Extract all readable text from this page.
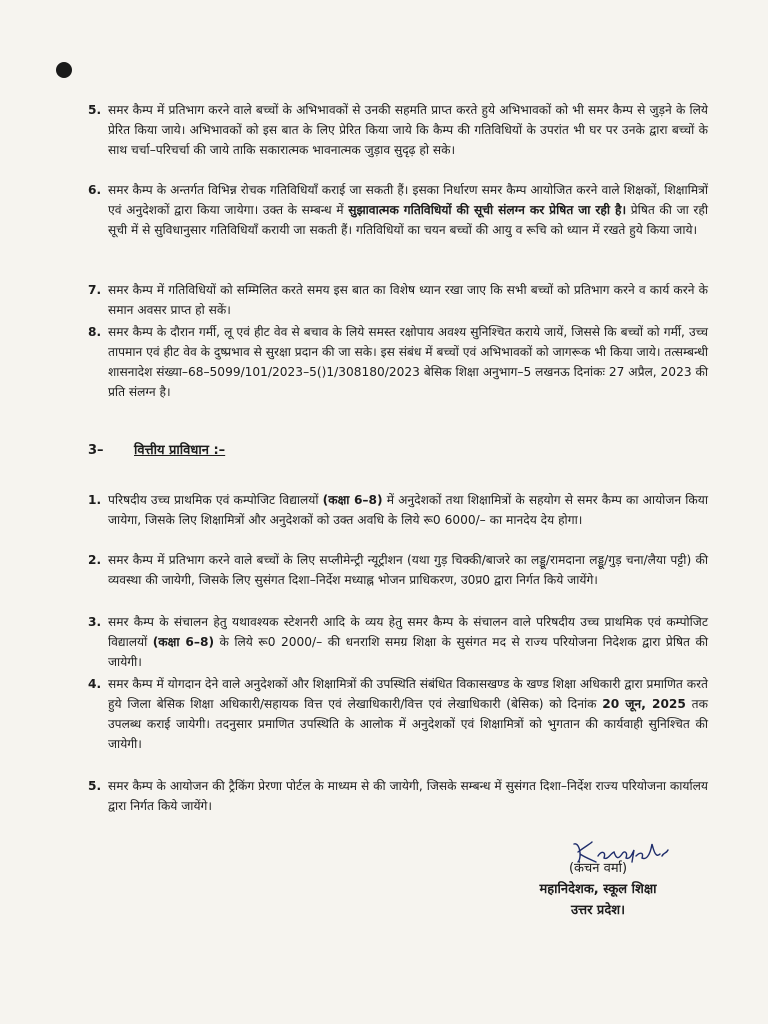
5. समर कैम्प में प्रतिभाग करने वाले बच्चों के अभिभावकों से उनकी सहमति प्राप्त करते हुये अभिभावकों को भी समर कैम्प से जुड़ने के लिये प्रेरित किया जाये। अभिभावकों को इस बात के लिए प्रेरित किया जाये कि कैम्प की गतिविधियों के उपरांत भी घर पर उनके द्वारा बच्चों के साथ चर्चा–परिचर्चा की जाये ताकि सकारात्मक भावनात्मक जुड़ाव सुदृढ़ हो सके।
6. समर कैम्प के अन्तर्गत विभिन्न रोचक गतिविधियाँ कराई जा सकती हैं। इसका निर्धारण समर कैम्प आयोजित करने वाले शिक्षकों, शिक्षामित्रों एवं अनुदेशकों द्वारा किया जायेगा। उक्त के सम्बन्ध में सुझावात्मक गतिविधियों की सूची संलग्न कर प्रेषित जा रही है। प्रेषित की जा रही सूची में से सुविधानुसार गतिविधियाँ करायी जा सकती हैं। गतिविधियों का चयन बच्चों की आयु व रूचि को ध्यान में रखते हुये किया जाये।
7. समर कैम्प में गतिविधियों को सम्मिलित करते समय इस बात का विशेष ध्यान रखा जाए कि सभी बच्चों को प्रतिभाग करने व कार्य करने के समान अवसर प्राप्त हो सकें।
8. समर कैम्प के दौरान गर्मी, लू एवं हीट वेव से बचाव के लिये समस्त रक्षोपाय अवश्य सुनिश्चित कराये जायें, जिससे कि बच्चों को गर्मी, उच्च तापमान एवं हीट वेव के दुष्प्रभाव से सुरक्षा प्रदान की जा सके। इस संबंध में बच्चों एवं अभिभावकों को जागरूक भी किया जाये। तत्सम्बन्धी शासनादेश संख्या–68–5099/101/2023–5()1/308180/2023 बेसिक शिक्षा अनुभाग–5 लखनऊ दिनांकः 27 अप्रैल, 2023 की प्रति संलग्न है।
3– वित्तीय प्राविधान :–
1. परिषदीय उच्च प्राथमिक एवं कम्पोजिट विद्यालयों (कक्षा 6–8) में अनुदेशकों तथा शिक्षामित्रों के सहयोग से समर कैम्प का आयोजन किया जायेगा, जिसके लिए शिक्षामित्रों और अनुदेशकों को उक्त अवधि के लिये रू0 6000/– का मानदेय देय होगा।
2. समर कैम्प में प्रतिभाग करने वाले बच्चों के लिए सप्लीमेन्ट्री न्यूट्रीशन (यथा गुड़ चिक्की/बाजरे का लड्डू/रामदाना लड्डू/गुड़ चना/लैया पट्टी) की व्यवस्था की जायेगी, जिसके लिए सुसंगत दिशा–निर्देश मध्याह्न भोजन प्राधिकरण, उ0प्र0 द्वारा निर्गत किये जायेंगे।
3. समर कैम्प के संचालन हेतु यथावश्यक स्टेशनरी आदि के व्यय हेतु समर कैम्प के संचालन वाले परिषदीय उच्च प्राथमिक एवं कम्पोजिट विद्यालयों (कक्षा 6–8) के लिये रू0 2000/– की धनराशि समग्र शिक्षा के सुसंगत मद से राज्य परियोजना निदेशक द्वारा प्रेषित की जायेगी।
4. समर कैम्प में योगदान देने वाले अनुदेशकों और शिक्षामित्रों की उपस्थिति संबंधित विकासखण्ड के खण्ड शिक्षा अधिकारी द्वारा प्रमाणित करते हुये जिला बेसिक शिक्षा अधिकारी/सहायक वित्त एवं लेखाधिकारी/वित्त एवं लेखाधिकारी (बेसिक) को दिनांक 20 जून, 2025 तक उपलब्ध कराई जायेगी। तदनुसार प्रमाणित उपस्थिति के आलोक में अनुदेशकों एवं शिक्षामित्रों को भुगतान की कार्यवाही सुनिश्चित की जायेगी।
5. समर कैम्प के आयोजन की ट्रैकिंग प्रेरणा पोर्टल के माध्यम से की जायेगी, जिसके सम्बन्ध में सुसंगत दिशा–निर्देश राज्य परियोजना कार्यालय द्वारा निर्गत किये जायेंगे।
(कंचन वर्मा)
महानिदेशक, स्कूल शिक्षा
उत्तर प्रदेश।
